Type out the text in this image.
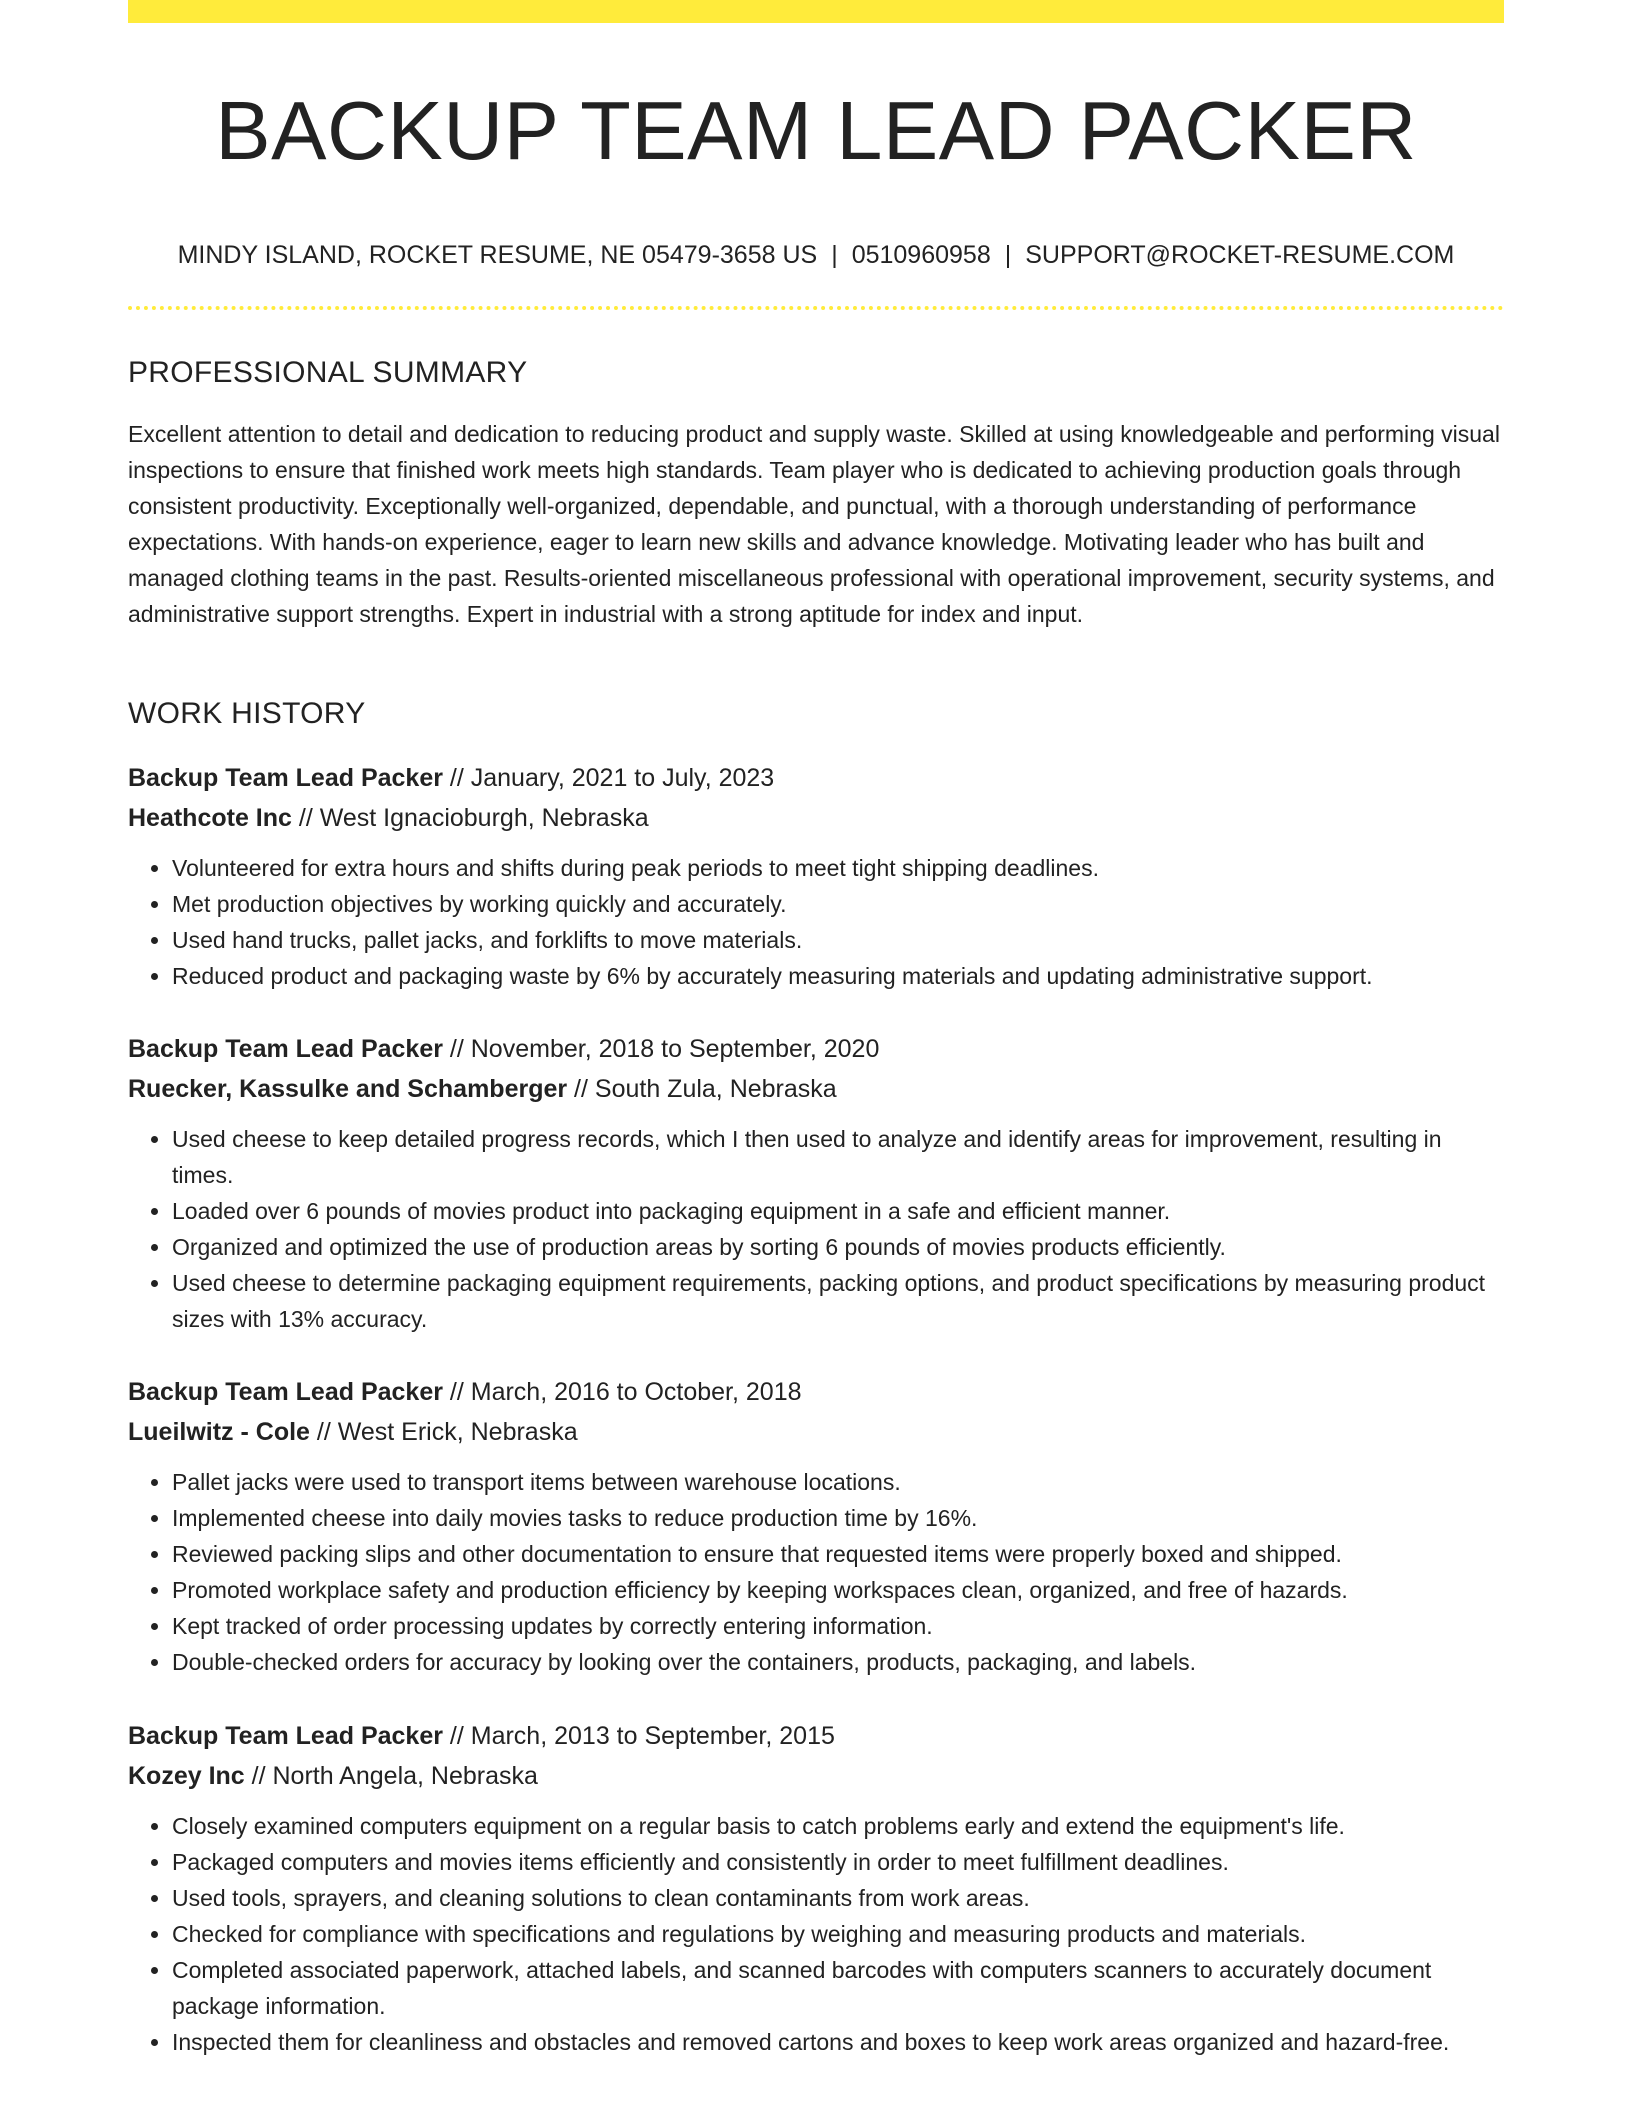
BACKUP TEAM LEAD PACKER
MINDY ISLAND, ROCKET RESUME, NE 05479-3658 US | 0510960958 | SUPPORT@ROCKET-RESUME.COM
PROFESSIONAL SUMMARY

Excellent attention to detail and dedication to reducing product and supply waste. Skilled at using knowledgeable and performing visual inspections to ensure that finished work meets high standards. Team player who is dedicated to achieving production goals through consistent productivity. Exceptionally well-organized, dependable, and punctual, with a thorough understanding of performance expectations. With hands-on experience, eager to learn new skills and advance knowledge. Motivating leader who has built and managed clothing teams in the past. Results-oriented miscellaneous professional with operational improvement, security systems, and administrative support strengths. Expert in industrial with a strong aptitude for index and input.

WORK HISTORY
Backup Team Lead Packer // January, 2021 to July, 2023
Heathcote Inc // West Ignacioburgh, Nebraska
• Volunteered for extra hours and shifts during peak periods to meet tight shipping deadlines.
• Met production objectives by working quickly and accurately.
• Used hand trucks, pallet jacks, and forklifts to move materials.
• Reduced product and packaging waste by 6% by accurately measuring materials and updating administrative support.
Backup Team Lead Packer // November, 2018 to September, 2020
Ruecker, Kassulke and Schamberger // South Zula, Nebraska
• Used cheese to keep detailed progress records, which I then used to analyze and identify areas for improvement, resulting in times.
• Loaded over 6 pounds of movies product into packaging equipment in a safe and efficient manner.
• Organized and optimized the use of production areas by sorting 6 pounds of movies products efficiently.
• Used cheese to determine packaging equipment requirements, packing options, and product specifications by measuring product sizes with 13% accuracy.
Backup Team Lead Packer // March, 2016 to October, 2018
Lueilwitz - Cole // West Erick, Nebraska
• Pallet jacks were used to transport items between warehouse locations.
• Implemented cheese into daily movies tasks to reduce production time by 16%.
• Reviewed packing slips and other documentation to ensure that requested items were properly boxed and shipped.
• Promoted workplace safety and production efficiency by keeping workspaces clean, organized, and free of hazards.
• Kept tracked of order processing updates by correctly entering information.
• Double-checked orders for accuracy by looking over the containers, products, packaging, and labels.
Backup Team Lead Packer // March, 2013 to September, 2015
Kozey Inc // North Angela, Nebraska
• Closely examined computers equipment on a regular basis to catch problems early and extend the equipment's life.
• Packaged computers and movies items efficiently and consistently in order to meet fulfillment deadlines.
• Used tools, sprayers, and cleaning solutions to clean contaminants from work areas.
• Checked for compliance with specifications and regulations by weighing and measuring products and materials.
• Completed associated paperwork, attached labels, and scanned barcodes with computers scanners to accurately document package information.
• Inspected them for cleanliness and obstacles and removed cartons and boxes to keep work areas organized and hazard-free.
